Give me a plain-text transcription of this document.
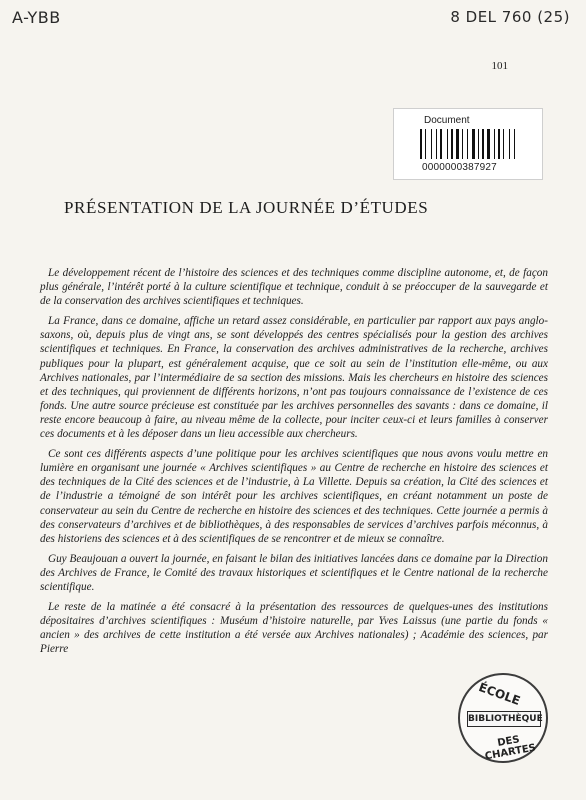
A-YBB	8 DEL 760 (25)
101
Document
0000000387927
PRÉSENTATION DE LA JOURNÉE D’ÉTUDES

Le développement récent de l’histoire des sciences et des techniques comme discipline autonome, et, de façon plus générale, l’intérêt porté à la culture scientifique et technique, conduit à se préoccuper de la sauvegarde et de la conservation des archives scientifiques et techniques.

La France, dans ce domaine, affiche un retard assez considérable, en particulier par rapport aux pays anglo-saxons, où, depuis plus de vingt ans, se sont développés des centres spécialisés pour la gestion des archives scientifiques et techniques. En France, la conservation des archives administratives de la recherche, archives publiques pour la plupart, est généralement acquise, que ce soit au sein de l’institution elle-même, ou aux Archives nationales, par l’intermédiaire de sa section des missions. Mais les chercheurs en histoire des sciences et des techniques, qui proviennent de différents horizons, n’ont pas toujours connaissance de l’existence de ces fonds. Une autre source précieuse est constituée par les archives personnelles des savants : dans ce domaine, il reste encore beaucoup à faire, au niveau même de la collecte, pour inciter ceux-ci et leurs familles à conserver ces documents et à les déposer dans un lieu accessible aux chercheurs.

Ce sont ces différents aspects d’une politique pour les archives scientifiques que nous avons voulu mettre en lumière en organisant une journée « Archives scientifiques » au Centre de recherche en histoire des sciences et des techniques de la Cité des sciences et de l’industrie, à La Villette. Depuis sa création, la Cité des sciences et de l’industrie a témoigné de son intérêt pour les archives scientifiques, en créant notamment un poste de conservateur au sein du Centre de recherche en histoire des sciences et des techniques. Cette journée a permis à des conservateurs d’archives et de bibliothèques, à des responsables de services d’archives parfois méconnus, à des historiens des sciences et à des scientifiques de se rencontrer et de mieux se connaître.

Guy Beaujouan a ouvert la journée, en faisant le bilan des initiatives lancées dans ce domaine par la Direction des Archives de France, le Comité des travaux historiques et scientifiques et le Centre national de la recherche scientifique.

Le reste de la matinée a été consacré à la présentation des ressources de quelques-unes des institutions dépositaires d’archives scientifiques : Muséum d’histoire naturelle, par Yves Laissus (une partie du fonds « ancien » des archives de cette institution a été versée aux Archives nationales) ; Académie des sciences, par Pierre

ÉCOLE
BIBLIOTHÈQUE
DES CHARTES
